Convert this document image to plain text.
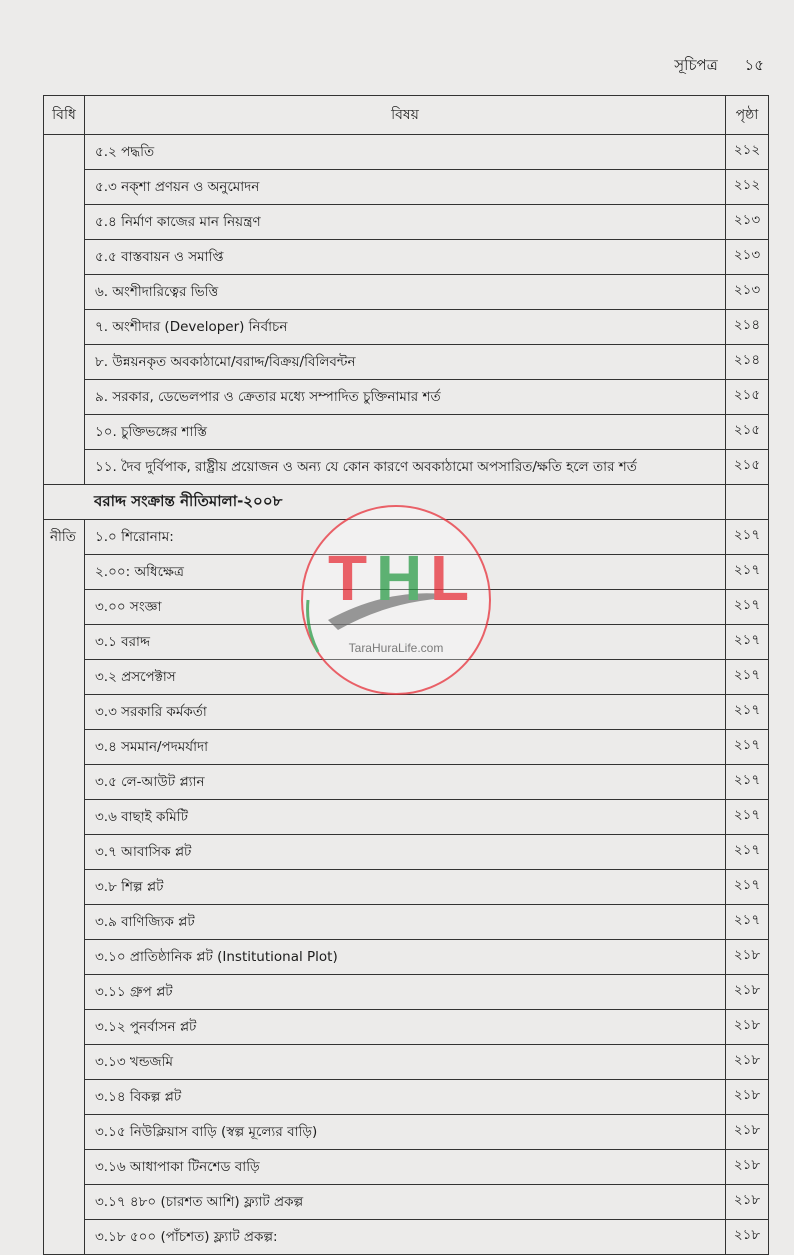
সূচিপত্র ১৫
বিধি	বিষয়	পৃষ্ঠা
	৫.২ পদ্ধতি	২১২
	৫.৩ নক্‌শা প্রণয়ন ও অনুমোদন	২১২
	৫.৪ নির্মাণ কাজের মান নিয়ন্ত্রণ	২১৩
	৫.৫ বাস্তবায়ন ও সমাপ্তি	২১৩
	৬. অংশীদারিত্বের ভিত্তি	২১৩
	৭. অংশীদার (Developer) নির্বাচন	২১৪
	৮. উন্নয়নকৃত অবকাঠামো/বরাদ্দ/বিক্রয়/বিলিবন্টন	২১৪
	৯. সরকার, ডেভেলপার ও ক্রেতার মধ্যে সম্পাদিত চুক্তিনামার শর্ত	২১৫
	১০. চুক্তিভঙ্গের শাস্তি	২১৫
	১১. দৈব দুর্বিপাক, রাষ্ট্রীয় প্রয়োজন ও অন্য যে কোন কারণে অবকাঠামো অপসারিত/ক্ষতি হলে তার শর্ত	২১৫
বরাদ্দ সংক্রান্ত নীতিমালা-২০০৮		
নীতি	১.০ শিরোনাম:	২১৭
	২.০০: অধিক্ষেত্র	২১৭
	৩.০০ সংজ্ঞা	২১৭
	৩.১ বরাদ্দ	২১৭
	৩.২ প্রসপেক্টাস	২১৭
	৩.৩ সরকারি কর্মকর্তা	২১৭
	৩.৪ সমমান/পদমর্যাদা	২১৭
	৩.৫ লে-আউট প্ল্যান	২১৭
	৩.৬ বাছাই কমিটি	২১৭
	৩.৭ আবাসিক প্লট	২১৭
	৩.৮ শিল্প প্লট	২১৭
	৩.৯ বাণিজ্যিক প্লট	২১৭
	৩.১০ প্রাতিষ্ঠানিক প্লট (Institutional Plot)	২১৮
	৩.১১ গ্রুপ প্লট	২১৮
	৩.১২ পুনর্বাসন প্লট	২১৮
	৩.১৩ খন্ডজমি	২১৮
	৩.১৪ বিকল্প প্লট	২১৮
	৩.১৫ নিউক্লিয়াস বাড়ি (স্বল্প মূল্যের বাড়ি)	২১৮
	৩.১৬ আধাপাকা টিনশেড বাড়ি	২১৮
	৩.১৭ ৪৮০ (চারশত আশি) ফ্ল্যাট প্রকল্প	২১৮
	৩.১৮ ৫০০ (পাঁচশত) ফ্ল্যাট প্রকল্প:	২১৮
T H L
TaraHuraLife.com
